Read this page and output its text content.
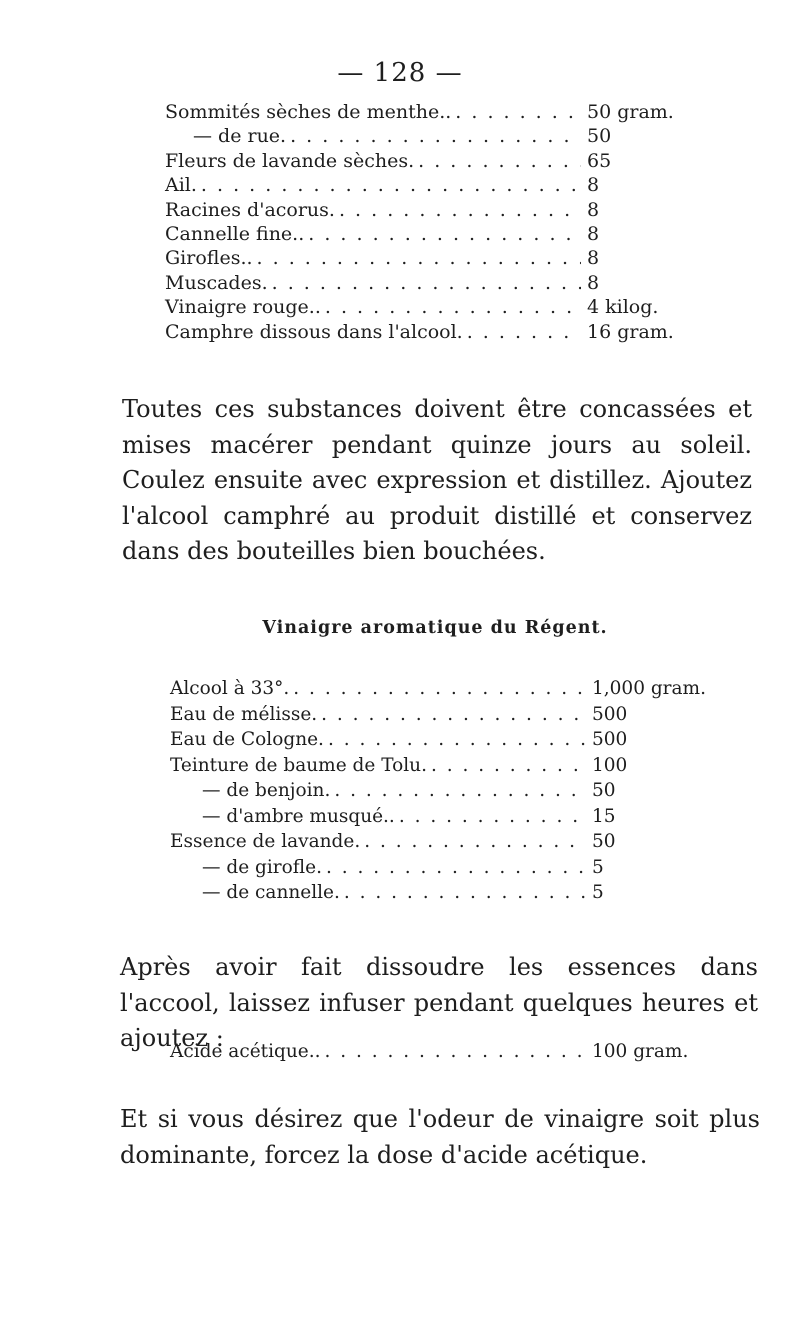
— 128 —
Sommités sèches de menthe.. . . .	50 gram.
— de rue. . . .	50
Fleurs de lavande sèches. . . .	65
Ail. . . .	8
Racines d'acorus. . . .	8
Cannelle fine.. . . .	8
Girofles.. . . .	8
Muscades. . . .	8
Vinaigre rouge.. . . .	4 kilog.
Camphre dissous dans l'alcool. . . .	16 gram.

Toutes ces substances doivent être concassées et mises macérer pendant quinze jours au soleil. Coulez ensuite avec expression et distillez. Ajoutez l'alcool camphré au produit distillé et conservez dans des bouteilles bien bouchées.

Vinaigre aromatique du Régent.
Alcool à 33°. . . .	1,000 gram.
Eau de mélisse. . . .	500
Eau de Cologne. . . .	500
Teinture de baume de Tolu. . . .	100
— de benjoin. . . .	50
— d'ambre musqué.. . . .	15
Essence de lavande. . . .	50
— de girofle. . . .	5
— de cannelle. . . .	5

Après avoir fait dissoudre les essences dans l'accool, laissez infuser pendant quelques heures et ajoutez :

Acide acétique.. . . .	100 gram.

Et si vous désirez que l'odeur de vinaigre soit plus dominante, forcez la dose d'acide acétique.
